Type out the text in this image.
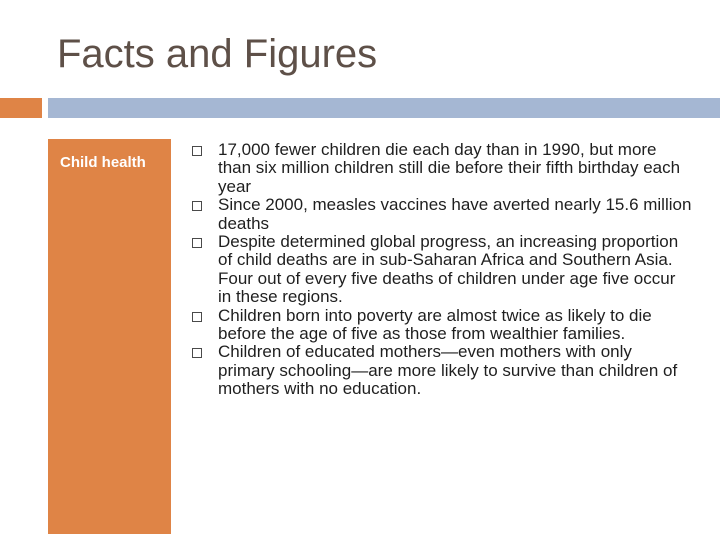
Facts and Figures
Child health
17,000 fewer children die each day than in 1990, but more than six million children still die before their fifth birthday each year
Since 2000, measles vaccines have averted nearly 15.6 million deaths
Despite determined global progress, an increasing proportion of child deaths are in sub-Saharan Africa and Southern Asia. Four out of every five deaths of children under age five occur in these regions.
Children born into poverty are almost twice as likely to die before the age of five as those from wealthier families.
Children of educated mothers—even mothers with only primary schooling—are more likely to survive than children of mothers with no education.
